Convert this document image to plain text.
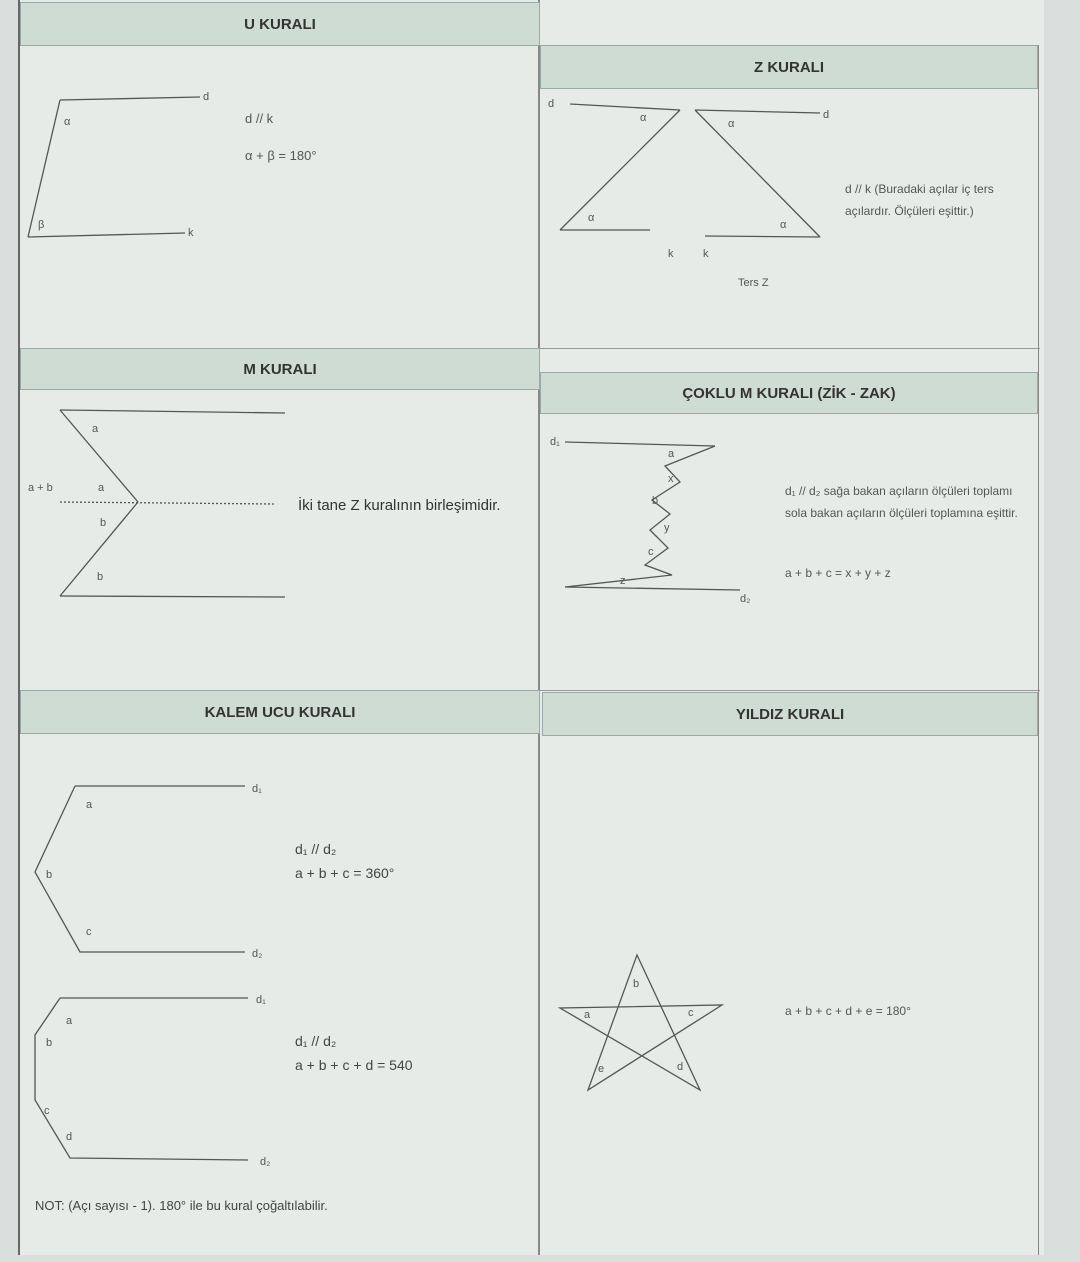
U KURALI
d
k
α
β
d // k
α + β = 180°
Z KURALI
d
d
k	k
α
α
α
α
Ters Z
d // k (Buradaki açılar iç ters açılardır. Ölçüleri eşittir.)
M KURALI
a + b
a
a
b
b
İki tane Z kuralının birleşimidir.
ÇOKLU M KURALI (ZİK - ZAK)
d₁
d₂
a
x
b
y
c
z
d₁ // d₂ sağa bakan açıların ölçüleri toplamı sola bakan açıların ölçüleri toplamına eşittir.
a + b + c = x + y + z
KALEM UCU KURALI	YILDIZ KURALI
d₁
d₂
a
b
c
d₁
d₂
a
b
c
d
d₁ // d₂
a + b + c = 360°
d₁ // d₂
a + b + c + d = 540
NOT: (Açı sayısı - 1). 180° ile bu kural çoğaltılabilir.
b
a	c
d
e
a + b + c + d + e = 180°
